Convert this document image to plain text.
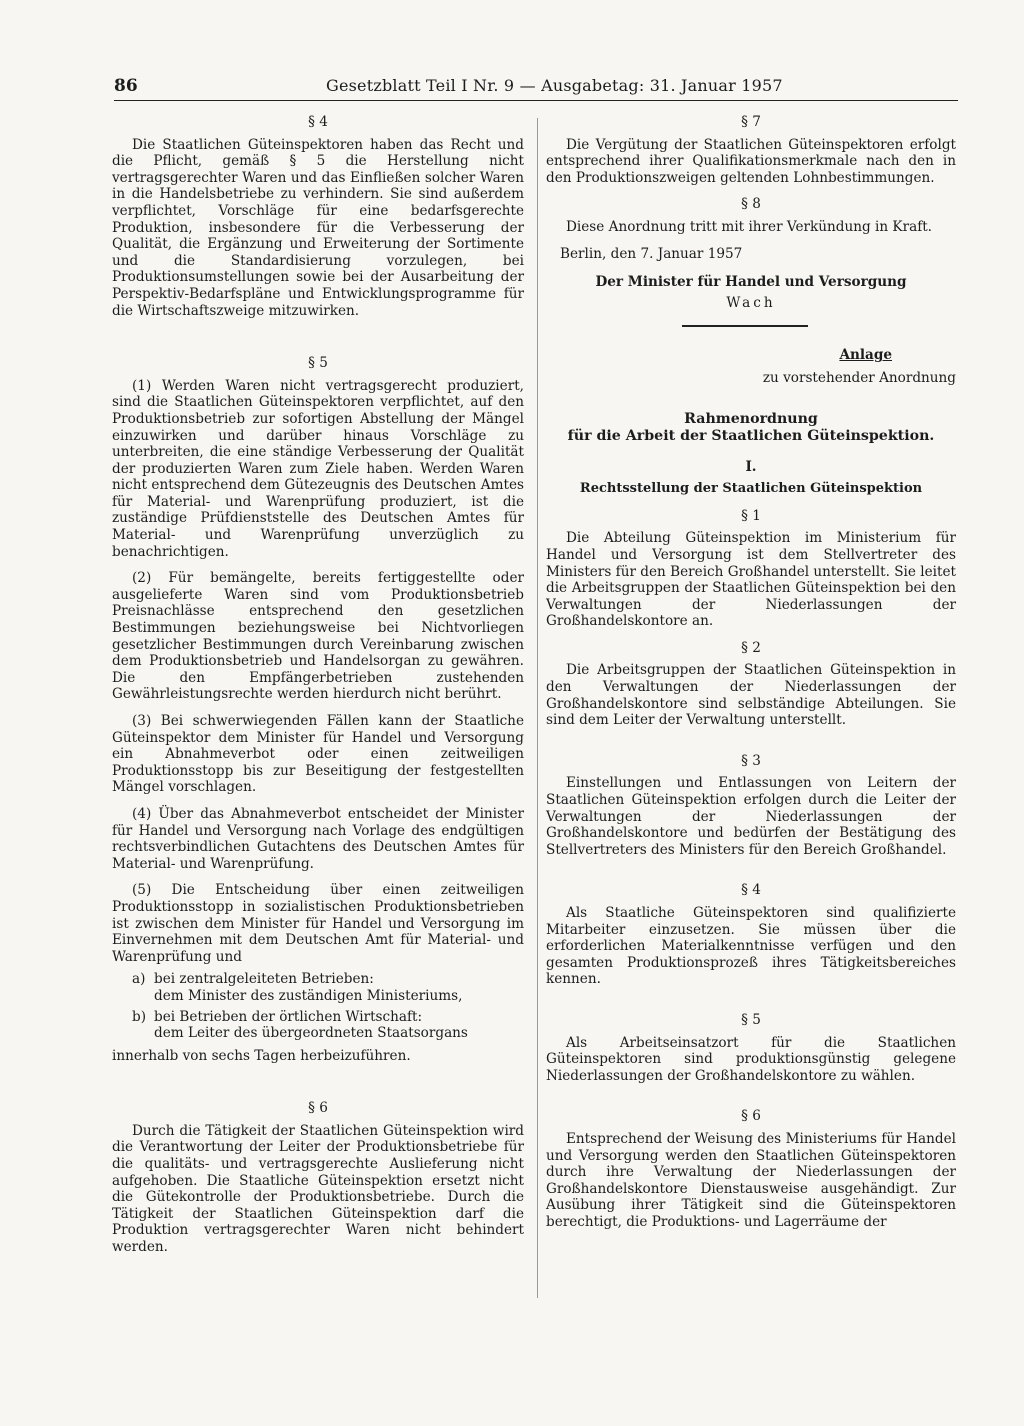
86	Gesetzblatt Teil I Nr. 9 — Ausgabetag: 31. Januar 1957
§ 4

Die Staatlichen Güteinspektoren haben das Recht und die Pflicht, gemäß § 5 die Herstellung nicht vertragsgerechter Waren und das Einfließen solcher Waren in die Handelsbetriebe zu verhindern. Sie sind außerdem verpflichtet, Vorschläge für eine bedarfsgerechte Produktion, insbesondere für die Verbesserung der Qualität, die Ergänzung und Erweiterung der Sortimente und die Standardisierung vorzulegen, bei Produktionsumstellungen sowie bei der Ausarbeitung der Perspektiv-Bedarfspläne und Entwicklungsprogramme für die Wirtschaftszweige mitzuwirken.

§ 5

(1) Werden Waren nicht vertragsgerecht produziert, sind die Staatlichen Güteinspektoren verpflichtet, auf den Produktionsbetrieb zur sofortigen Abstellung der Mängel einzuwirken und darüber hinaus Vorschläge zu unterbreiten, die eine ständige Verbesserung der Qualität der produzierten Waren zum Ziele haben. Werden Waren nicht entsprechend dem Gütezeugnis des Deutschen Amtes für Material- und Warenprüfung produziert, ist die zuständige Prüfdienststelle des Deutschen Amtes für Material- und Warenprüfung unverzüglich zu benachrichtigen.

(2) Für bemängelte, bereits fertiggestellte oder ausgelieferte Waren sind vom Produktionsbetrieb Preisnachlässe entsprechend den gesetzlichen Bestimmungen beziehungsweise bei Nichtvorliegen gesetzlicher Bestimmungen durch Vereinbarung zwischen dem Produktionsbetrieb und Handelsorgan zu gewähren. Die den Empfängerbetrieben zustehenden Gewährleistungsrechte werden hierdurch nicht berührt.

(3) Bei schwerwiegenden Fällen kann der Staatliche Güteinspektor dem Minister für Handel und Versorgung ein Abnahmeverbot oder einen zeitweiligen Produktionsstopp bis zur Beseitigung der festgestellten Mängel vorschlagen.

(4) Über das Abnahmeverbot entscheidet der Minister für Handel und Versorgung nach Vorlage des endgültigen rechtsverbindlichen Gutachtens des Deutschen Amtes für Material- und Warenprüfung.

(5) Die Entscheidung über einen zeitweiligen Produktionsstopp in sozialistischen Produktionsbetrieben ist zwischen dem Minister für Handel und Versorgung im Einvernehmen mit dem Deutschen Amt für Material- und Warenprüfung und

a) bei zentralgeleiteten Betrieben:
dem Minister des zuständigen Ministeriums,
b) bei Betrieben der örtlichen Wirtschaft:
dem Leiter des übergeordneten Staatsorgans

innerhalb von sechs Tagen herbeizuführen.

§ 6

Durch die Tätigkeit der Staatlichen Güteinspektion wird die Verantwortung der Leiter der Produktionsbetriebe für die qualitäts- und vertragsgerechte Auslieferung nicht aufgehoben. Die Staatliche Güteinspektion ersetzt nicht die Gütekontrolle der Produktionsbetriebe. Durch die Tätigkeit der Staatlichen Güteinspektion darf die Produktion vertragsgerechter Waren nicht behindert werden.

§ 7

Die Vergütung der Staatlichen Güteinspektoren erfolgt entsprechend ihrer Qualifikationsmerkmale nach den in den Produktionszweigen geltenden Lohnbestimmungen.

§ 8

Diese Anordnung tritt mit ihrer Verkündung in Kraft.

Berlin, den 7. Januar 1957
Der Minister für Handel und Versorgung
Wach
Anlage
zu vorstehender Anordnung
Rahmenordnung
für die Arbeit der Staatlichen Güteinspektion.
I.
Rechtsstellung der Staatlichen Güteinspektion
§ 1

Die Abteilung Güteinspektion im Ministerium für Handel und Versorgung ist dem Stellvertreter des Ministers für den Bereich Großhandel unterstellt. Sie leitet die Arbeitsgruppen der Staatlichen Güteinspektion bei den Verwaltungen der Niederlassungen der Großhandelskontore an.

§ 2

Die Arbeitsgruppen der Staatlichen Güteinspektion in den Verwaltungen der Niederlassungen der Großhandelskontore sind selbständige Abteilungen. Sie sind dem Leiter der Verwaltung unterstellt.

§ 3

Einstellungen und Entlassungen von Leitern der Staatlichen Güteinspektion erfolgen durch die Leiter der Verwaltungen der Niederlassungen der Großhandelskontore und bedürfen der Bestätigung des Stellvertreters des Ministers für den Bereich Großhandel.

§ 4

Als Staatliche Güteinspektoren sind qualifizierte Mitarbeiter einzusetzen. Sie müssen über die erforderlichen Materialkenntnisse verfügen und den gesamten Produktionsprozeß ihres Tätigkeitsbereiches kennen.

§ 5

Als Arbeitseinsatzort für die Staatlichen Güteinspektoren sind produktionsgünstig gelegene Niederlassungen der Großhandelskontore zu wählen.

§ 6

Entsprechend der Weisung des Ministeriums für Handel und Versorgung werden den Staatlichen Güteinspektoren durch ihre Verwaltung der Niederlassungen der Großhandelskontore Dienstausweise ausgehändigt. Zur Ausübung ihrer Tätigkeit sind die Güteinspektoren berechtigt, die Produktions- und Lagerräume der
